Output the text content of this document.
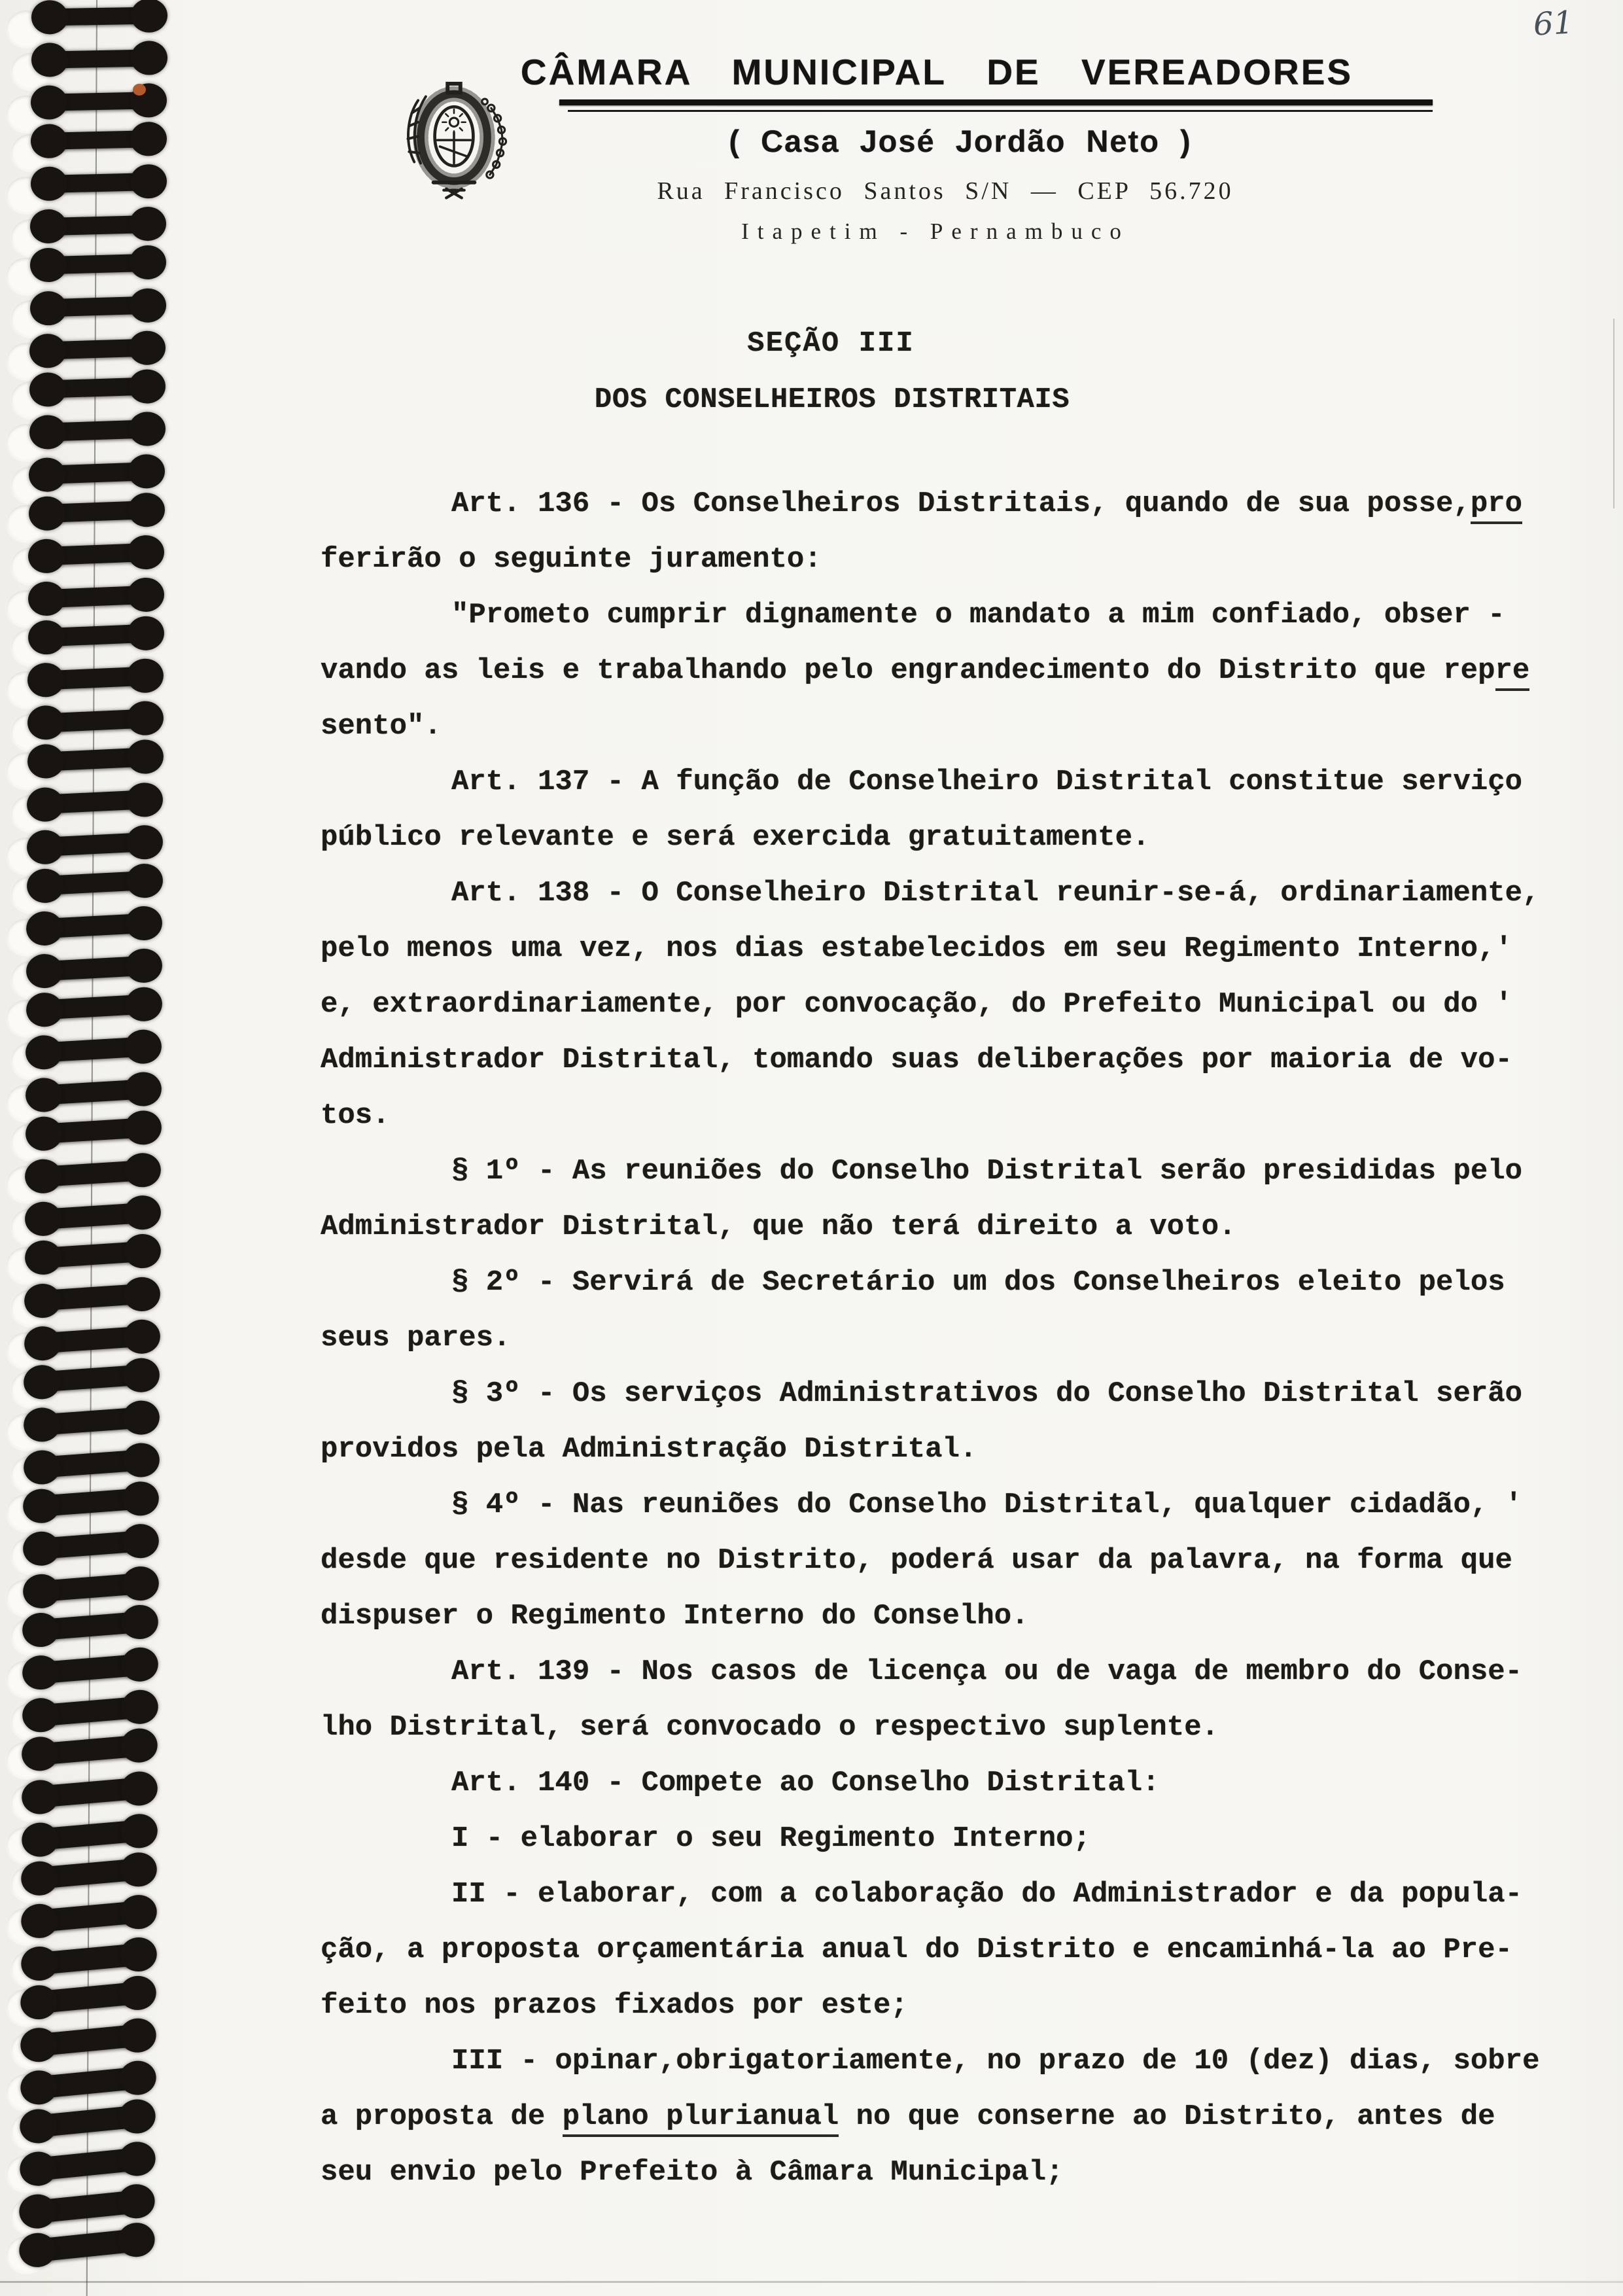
61
CÂMARA MUNICIPAL DE VEREADORES
( Casa José Jordão Neto )
Rua Francisco Santos S/N — CEP 56.720
Itapetim - Pernambuco
SEÇÃO III
DOS CONSELHEIROS DISTRITAIS
Art. 136 - Os Conselheiros Distritais, quando de sua posse,pro
ferirão o seguinte juramento:
"Prometo cumprir dignamente o mandato a mim confiado, obser -
vando as leis e trabalhando pelo engrandecimento do Distrito que repre
sento".
Art. 137 - A função de Conselheiro Distrital constitue serviço
público relevante e será exercida gratuitamente.
Art. 138 - O Conselheiro Distrital reunir-se-á, ordinariamente,
pelo menos uma vez, nos dias estabelecidos em seu Regimento Interno,'
e, extraordinariamente, por convocação, do Prefeito Municipal ou do '
Administrador Distrital, tomando suas deliberações por maioria de vo-
tos.
§ 1º - As reuniões do Conselho Distrital serão presididas pelo
Administrador Distrital, que não terá direito a voto.
§ 2º - Servirá de Secretário um dos Conselheiros eleito pelos
seus pares.
§ 3º - Os serviços Administrativos do Conselho Distrital serão
providos pela Administração Distrital.
§ 4º - Nas reuniões do Conselho Distrital, qualquer cidadão, '
desde que residente no Distrito, poderá usar da palavra, na forma que
dispuser o Regimento Interno do Conselho.
Art. 139 - Nos casos de licença ou de vaga de membro do Conse-
lho Distrital, será convocado o respectivo suplente.
Art. 140 - Compete ao Conselho Distrital:
I - elaborar o seu Regimento Interno;
II - elaborar, com a colaboração do Administrador e da popula-
ção, a proposta orçamentária anual do Distrito e encaminhá-la ao Pre-
feito nos prazos fixados por este;
III - opinar,obrigatoriamente, no prazo de 10 (dez) dias, sobre
a proposta de plano plurianual no que conserne ao Distrito, antes de
seu envio pelo Prefeito à Câmara Municipal;
